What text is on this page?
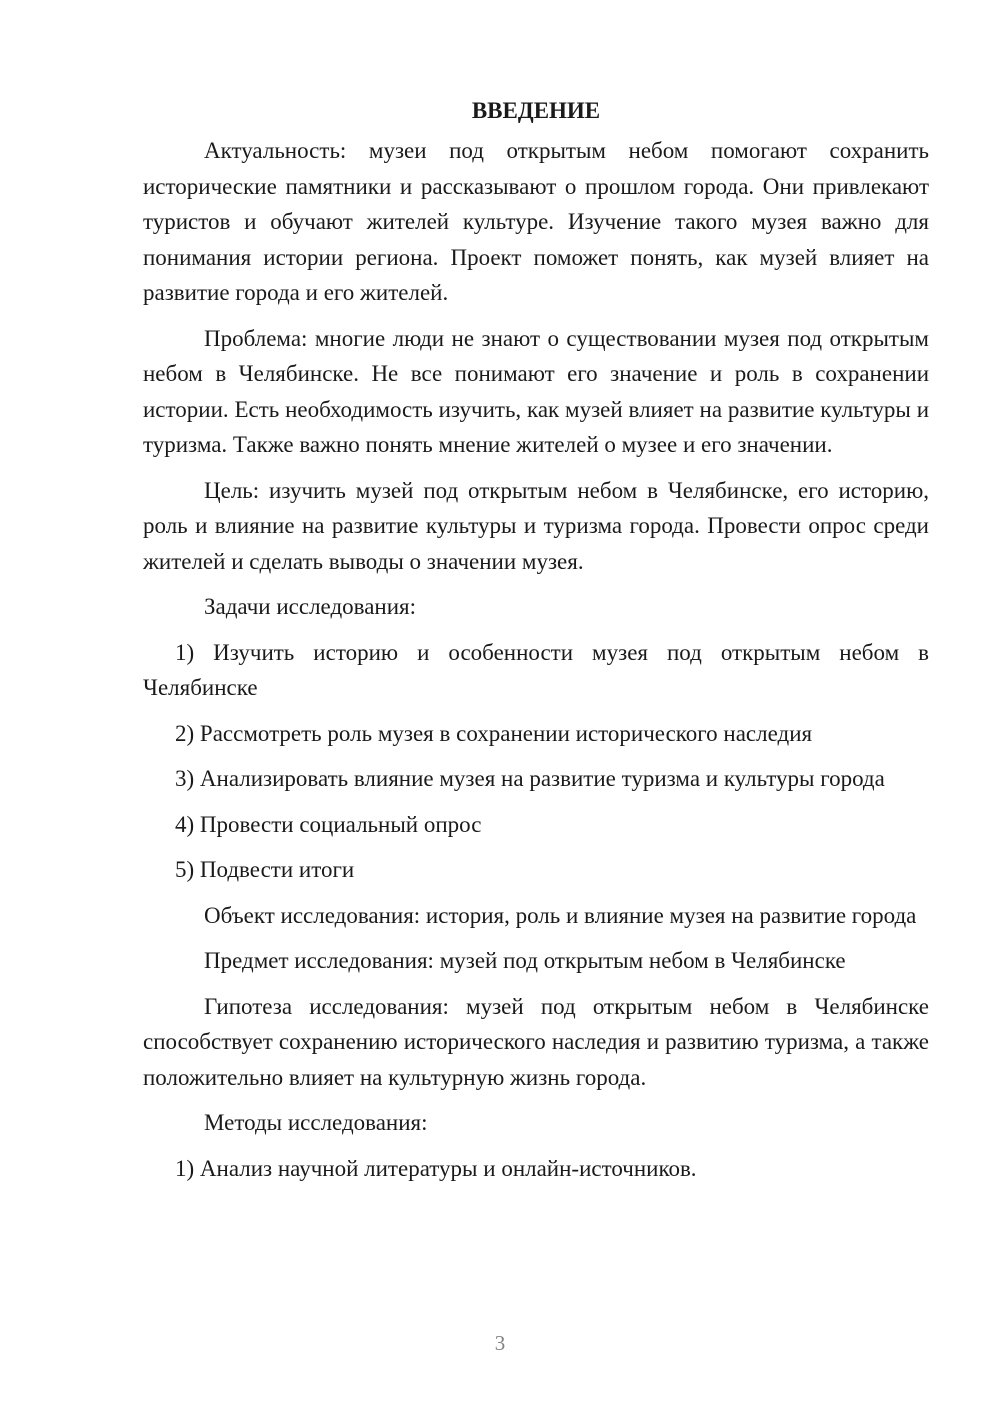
ВВЕДЕНИЕ

Актуальность: музеи под открытым небом помогают сохранить исторические памятники и рассказывают о прошлом города. Они привлекают туристов и обучают жителей культуре. Изучение такого музея важно для понимания истории региона. Проект поможет понять, как музей влияет на развитие города и его жителей.

Проблема: многие люди не знают о существовании музея под открытым небом в Челябинске. Не все понимают его значение и роль в сохранении истории. Есть необходимость изучить, как музей влияет на развитие культуры и туризма. Также важно понять мнение жителей о музее и его значении.

Цель: изучить музей под открытым небом в Челябинске, его историю, роль и влияние на развитие культуры и туризма города. Провести опрос среди жителей и сделать выводы о значении музея.

Задачи исследования:

1) Изучить историю и особенности музея под открытым небом в Челябинске

2) Рассмотреть роль музея в сохранении исторического наследия

3) Анализировать влияние музея на развитие туризма и культуры города

4) Провести социальный опрос

5) Подвести итоги

Объект исследования: история, роль и влияние музея на развитие города

Предмет исследования: музей под открытым небом в Челябинске

Гипотеза исследования: музей под открытым небом в Челябинске способствует сохранению исторического наследия и развитию туризма, а также положительно влияет на культурную жизнь города.

Методы исследования:

1) Анализ научной литературы и онлайн-источников.

3
